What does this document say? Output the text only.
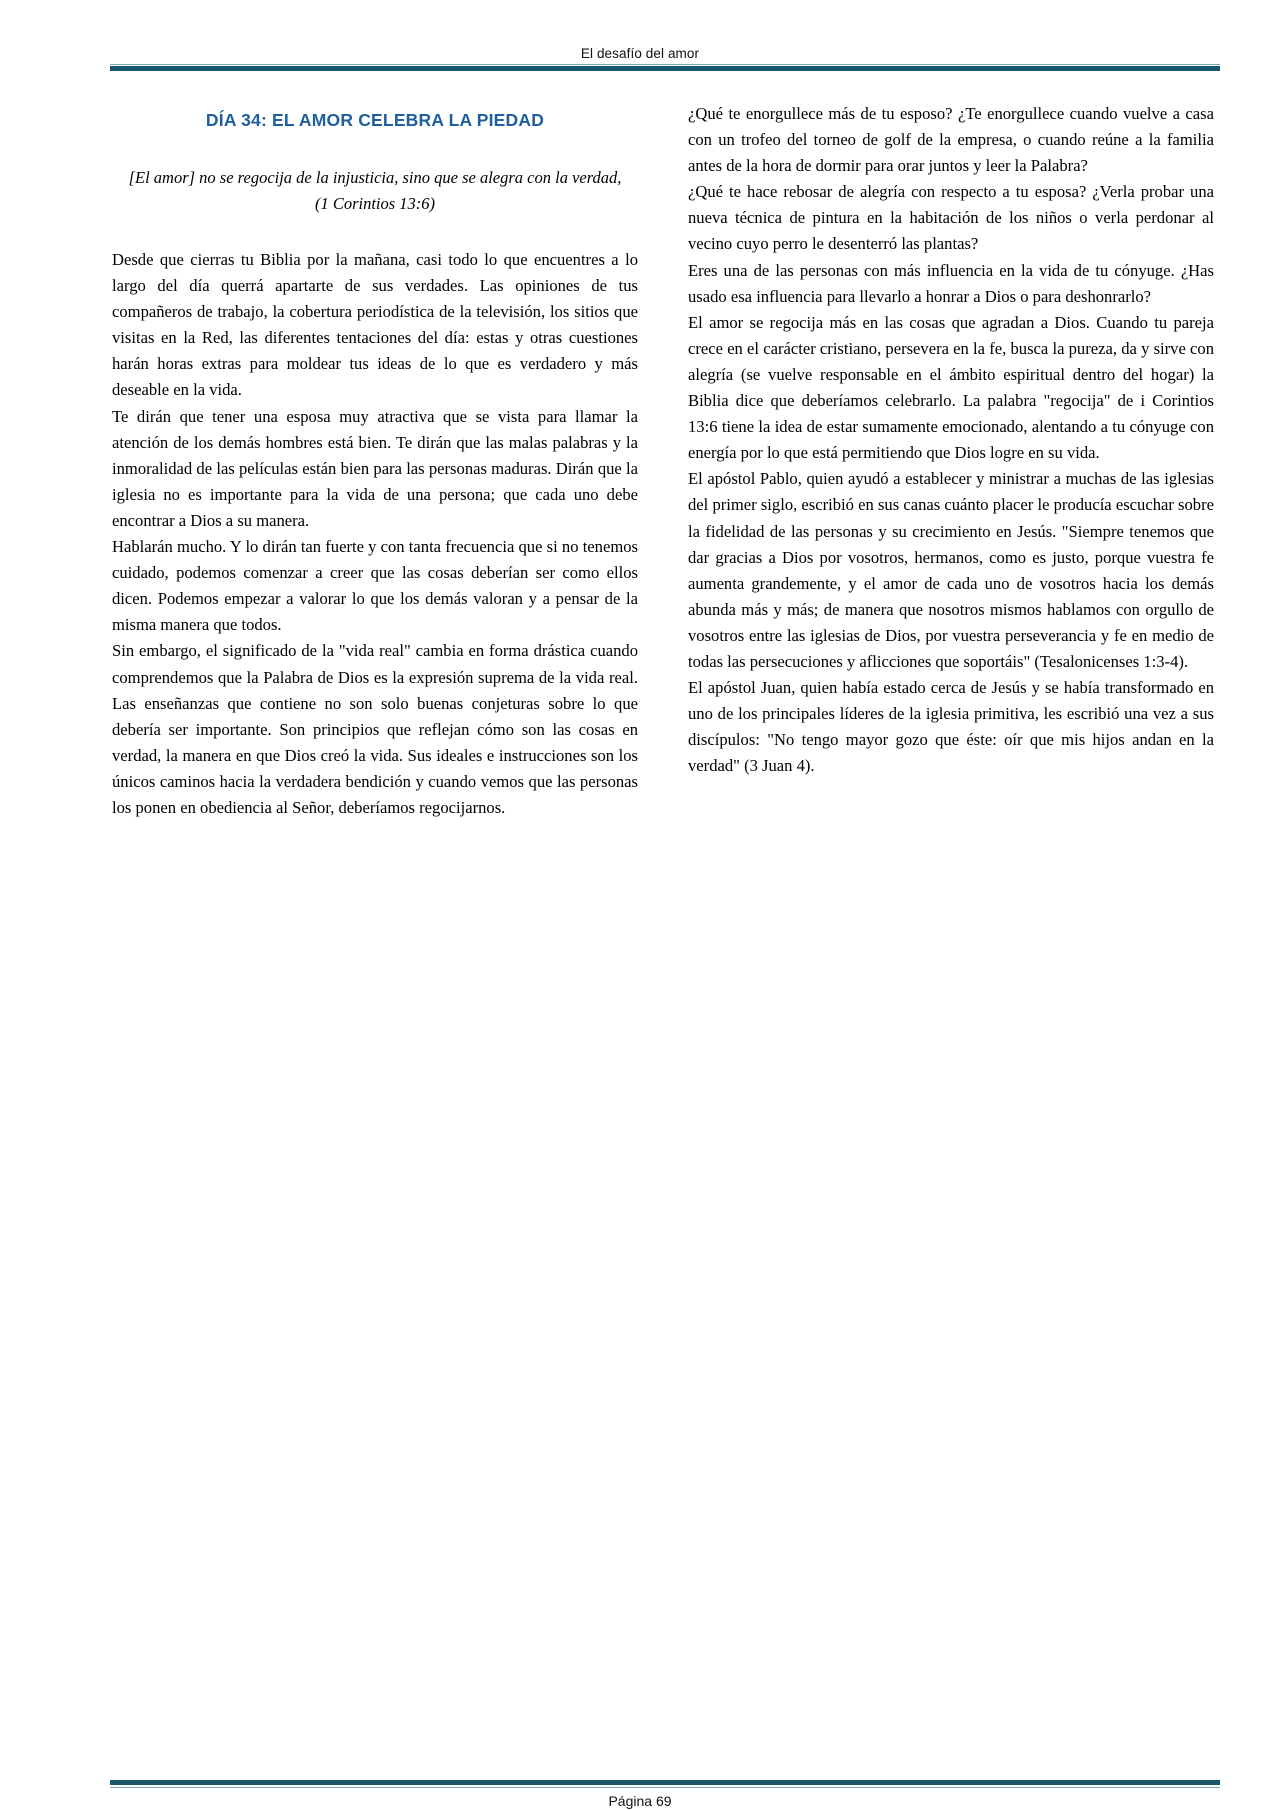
El desafío del amor
DÍA 34: EL AMOR CELEBRA LA PIEDAD
[El amor] no se regocija de la injusticia, sino que se alegra con la verdad, (1 Corintios 13:6)

Desde que cierras tu Biblia por la mañana, casi todo lo que encuentres a lo largo del día querrá apartarte de sus verdades. Las opiniones de tus compañeros de trabajo, la cobertura periodística de la televisión, los sitios que visitas en la Red, las diferentes tentaciones del día: estas y otras cuestiones harán horas extras para moldear tus ideas de lo que es verdadero y más deseable en la vida.

Te dirán que tener una esposa muy atractiva que se vista para llamar la atención de los demás hombres está bien. Te dirán que las malas palabras y la inmoralidad de las películas están bien para las personas maduras. Dirán que la iglesia no es importante para la vida de una persona; que cada uno debe encontrar a Dios a su manera.

Hablarán mucho. Y lo dirán tan fuerte y con tanta frecuencia que si no tenemos cuidado, podemos comenzar a creer que las cosas deberían ser como ellos dicen. Podemos empezar a valorar lo que los demás valoran y a pensar de la misma manera que todos.

Sin embargo, el significado de la "vida real" cambia en forma drástica cuando comprendemos que la Palabra de Dios es la expresión suprema de la vida real. Las enseñanzas que contiene no son solo buenas conjeturas sobre lo que debería ser importante. Son principios que reflejan cómo son las cosas en verdad, la manera en que Dios creó la vida. Sus ideales e instrucciones son los únicos caminos hacia la verdadera bendición y cuando vemos que las personas los ponen en obediencia al Señor, deberíamos regocijarnos.

¿Qué te enorgullece más de tu esposo? ¿Te enorgullece cuando vuelve a casa con un trofeo del torneo de golf de la empresa, o cuando reúne a la familia antes de la hora de dormir para orar juntos y leer la Palabra?

¿Qué te hace rebosar de alegría con respecto a tu esposa? ¿Verla probar una nueva técnica de pintura en la habitación de los niños o verla perdonar al vecino cuyo perro le desenterró las plantas?

Eres una de las personas con más influencia en la vida de tu cónyuge. ¿Has usado esa influencia para llevarlo a honrar a Dios o para deshonrarlo?

El amor se regocija más en las cosas que agradan a Dios. Cuando tu pareja crece en el carácter cristiano, persevera en la fe, busca la pureza, da y sirve con alegría (se vuelve responsable en el ámbito espiritual dentro del hogar) la Biblia dice que deberíamos celebrarlo. La palabra "regocija" de i Corintios 13:6 tiene la idea de estar sumamente emocionado, alentando a tu cónyuge con energía por lo que está permitiendo que Dios logre en su vida.

El apóstol Pablo, quien ayudó a establecer y ministrar a muchas de las iglesias del primer siglo, escribió en sus canas cuánto placer le producía escuchar sobre la fidelidad de las personas y su crecimiento en Jesús. "Siempre tenemos que dar gracias a Dios por vosotros, hermanos, como es justo, porque vuestra fe aumenta grandemente, y el amor de cada uno de vosotros hacia los demás abunda más y más; de manera que nosotros mismos hablamos con orgullo de vosotros entre las iglesias de Dios, por vuestra perseverancia y fe en medio de todas las persecuciones y aflicciones que soportáis" (Tesalonicenses 1:3-4).

El apóstol Juan, quien había estado cerca de Jesús y se había transformado en uno de los principales líderes de la iglesia primitiva, les escribió una vez a sus discípulos: "No tengo mayor gozo que éste: oír que mis hijos andan en la verdad" (3 Juan 4).

Página 69
